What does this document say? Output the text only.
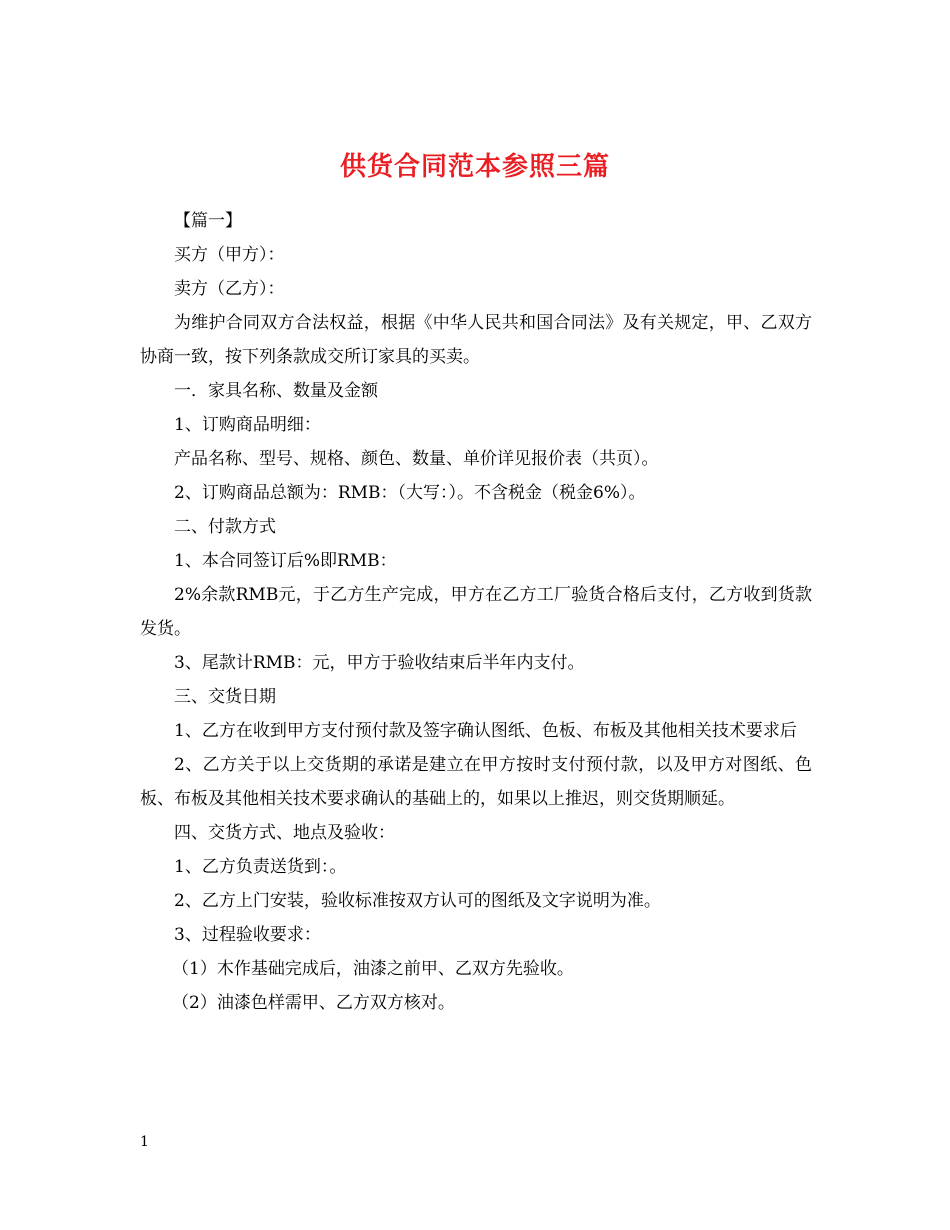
供货合同范本参照三篇

【篇一】

买方（甲方）：

卖方（乙方）：

为维护合同双方合法权益，根据《中华人民共和国合同法》及有关规定，甲、乙双方协商一致，按下列条款成交所订家具的买卖。

一．家具名称、数量及金额

1、订购商品明细：

产品名称、型号、规格、颜色、数量、单价详见报价表（共页）。

2、订购商品总额为：RMB：（大写：）。不含税金（税金6%）。

二、付款方式

1、本合同签订后%即RMB：

2%余款RMB元，于乙方生产完成，甲方在乙方工厂验货合格后支付，乙方收到货款发货。

3、尾款计RMB：元，甲方于验收结束后半年内支付。

三、交货日期

1、乙方在收到甲方支付预付款及签字确认图纸、色板、布板及其他相关技术要求后

2、乙方关于以上交货期的承诺是建立在甲方按时支付预付款，以及甲方对图纸、色板、布板及其他相关技术要求确认的基础上的，如果以上推迟，则交货期顺延。

四、交货方式、地点及验收：

1、乙方负责送货到：。

2、乙方上门安装，验收标准按双方认可的图纸及文字说明为准。

3、过程验收要求：

（1）木作基础完成后，油漆之前甲、乙双方先验收。

（2）油漆色样需甲、乙方双方核对。

1
